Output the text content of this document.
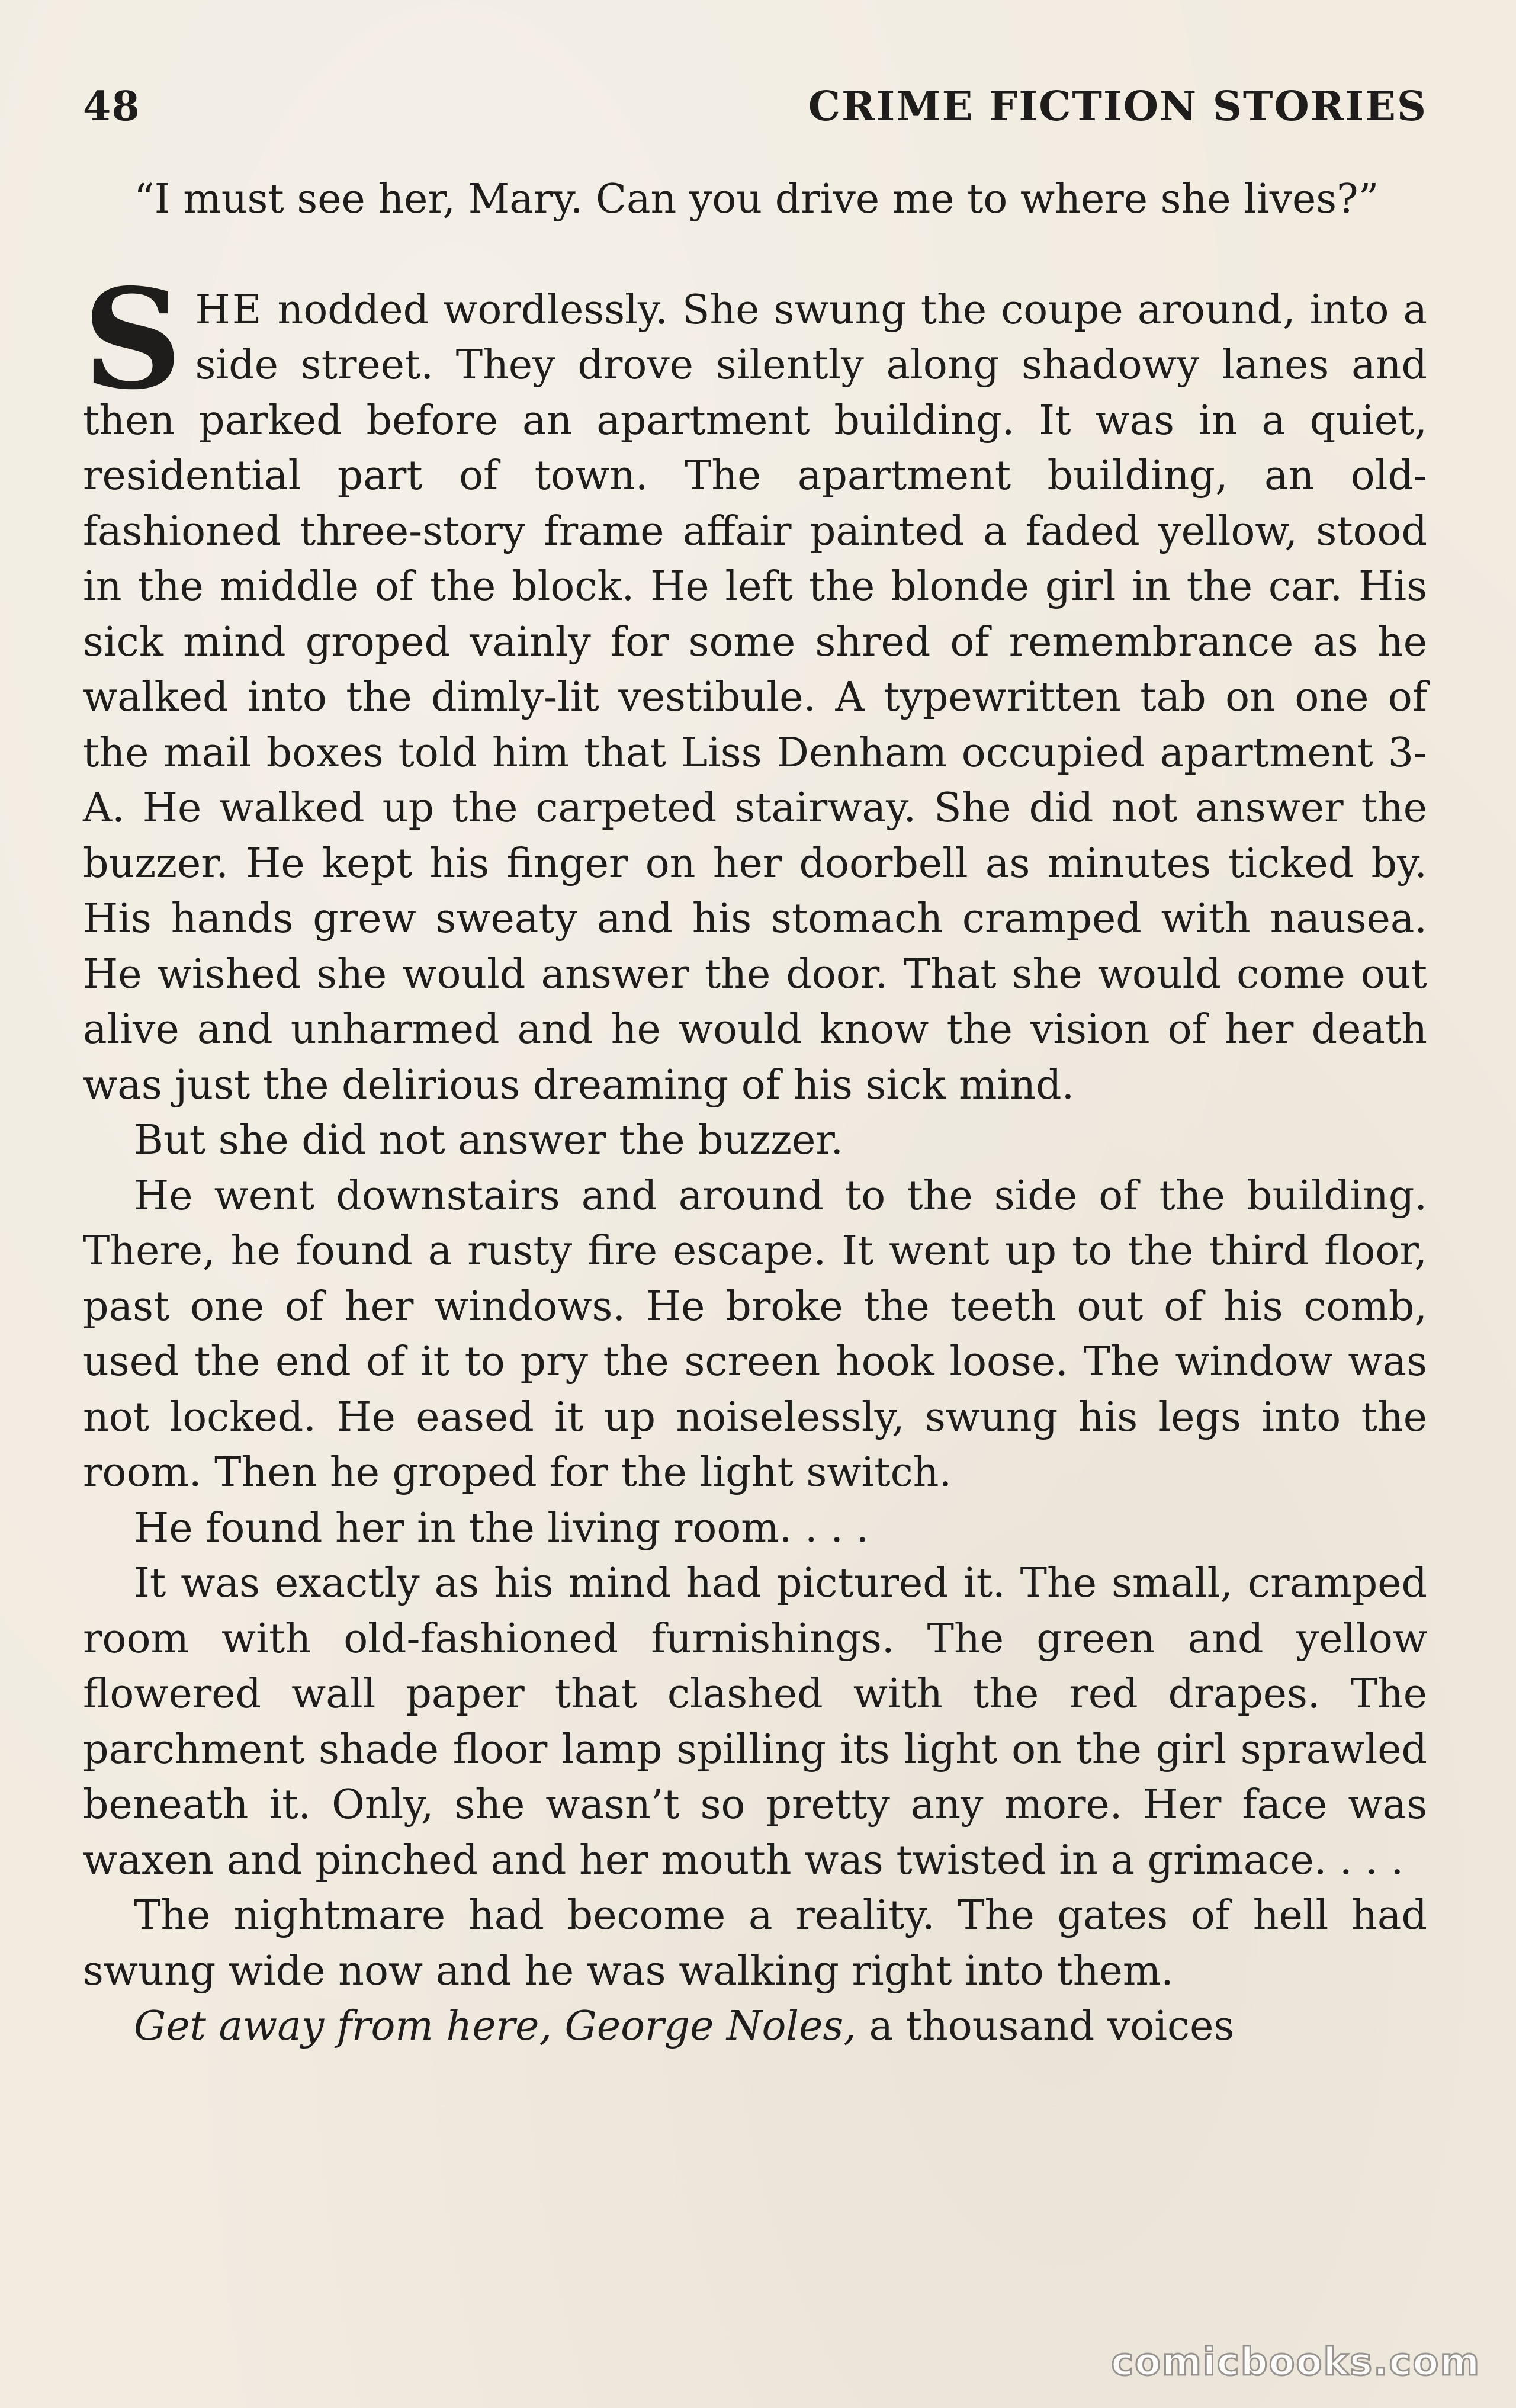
48	CRIME FICTION STORIES

“I must see her, Mary. Can you drive me to where she lives?”

SHE nodded wordlessly. She swung the coupe around, into a side street. They drove silently along shadowy lanes and then parked before an apartment building. It was in a quiet, residential part of town. The apartment building, an old-fashioned three-story frame affair painted a faded yellow, stood in the middle of the block. He left the blonde girl in the car. His sick mind groped vainly for some shred of remembrance as he walked into the dimly-lit vestibule. A typewritten tab on one of the mail boxes told him that Liss Denham occupied apartment 3-A. He walked up the carpeted stairway. She did not answer the buzzer. He kept his finger on her doorbell as minutes ticked by. His hands grew sweaty and his stomach cramped with nausea. He wished she would answer the door. That she would come out alive and unharmed and he would know the vision of her death was just the delirious dreaming of his sick mind.

But she did not answer the buzzer.

He went downstairs and around to the side of the building. There, he found a rusty fire escape. It went up to the third floor, past one of her windows. He broke the teeth out of his comb, used the end of it to pry the screen hook loose. The window was not locked. He eased it up noiselessly, swung his legs into the room. Then he groped for the light switch.

He found her in the living room. . . .

It was exactly as his mind had pictured it. The small, cramped room with old-fashioned furnishings. The green and yellow flowered wall paper that clashed with the red drapes. The parchment shade floor lamp spilling its light on the girl sprawled beneath it. Only, she wasn’t so pretty any more. Her face was waxen and pinched and her mouth was twisted in a grimace. . . .

The nightmare had become a reality. The gates of hell had swung wide now and he was walking right into them.

Get away from here, George Noles, a thousand voices

comicbooks.com
